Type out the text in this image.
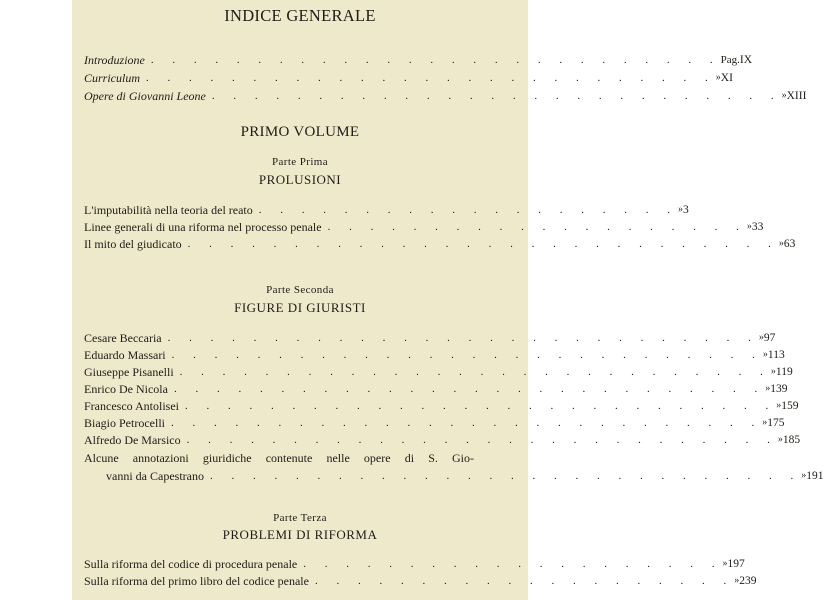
INDICE GENERALE
Introduzione . . . . . . . . . . . . . . . . . . . . . . . . . . . Pag. IX
Curriculum . . . . . . . . . . . . . . . . . . . . . . . . . . . » XI
Opere di Giovanni Leone . . . . . . . . . . . . . . . . . . . . . . . . . . . » XIII
PRIMO VOLUME
Parte Prima
PROLUSIONI
L'imputabilità nella teoria del reato . . . . . . . . . . . . . . . . . . . . » 3
Linee generali di una riforma nel processo penale . . . . . . . . . . . . . . . . . . . . » 33
Il mito del giudicato . . . . . . . . . . . . . . . . . . . . . . . . . . . . » 63
Parte Seconda
FIGURE DI GIURISTI
Cesare Beccaria . . . . . . . . . . . . . . . . . . . . . . . . . . . . » 97
Eduardo Massari . . . . . . . . . . . . . . . . . . . . . . . . . . . . » 113
Giuseppe Pisanelli . . . . . . . . . . . . . . . . . . . . . . . . . . . . » 119
Enrico De Nicola . . . . . . . . . . . . . . . . . . . . . . . . . . . . » 139
Francesco Antolisei . . . . . . . . . . . . . . . . . . . . . . . . . . . . » 159
Biagio Petrocelli . . . . . . . . . . . . . . . . . . . . . . . . . . . . » 175
Alfredo De Marsico . . . . . . . . . . . . . . . . . . . . . . . . . . . . » 185
Alcune annotazioni giuridiche contenute nelle opere di S. Gio-
vanni da Capestrano . . . . . . . . . . . . . . . . . . . . . . . . . . . . » 191
Parte Terza
PROBLEMI DI RIFORMA
Sulla riforma del codice di procedura penale . . . . . . . . . . . . . . . . . . . . » 197
Sulla riforma del primo libro del codice penale . . . . . . . . . . . . . . . . . . . . » 239
